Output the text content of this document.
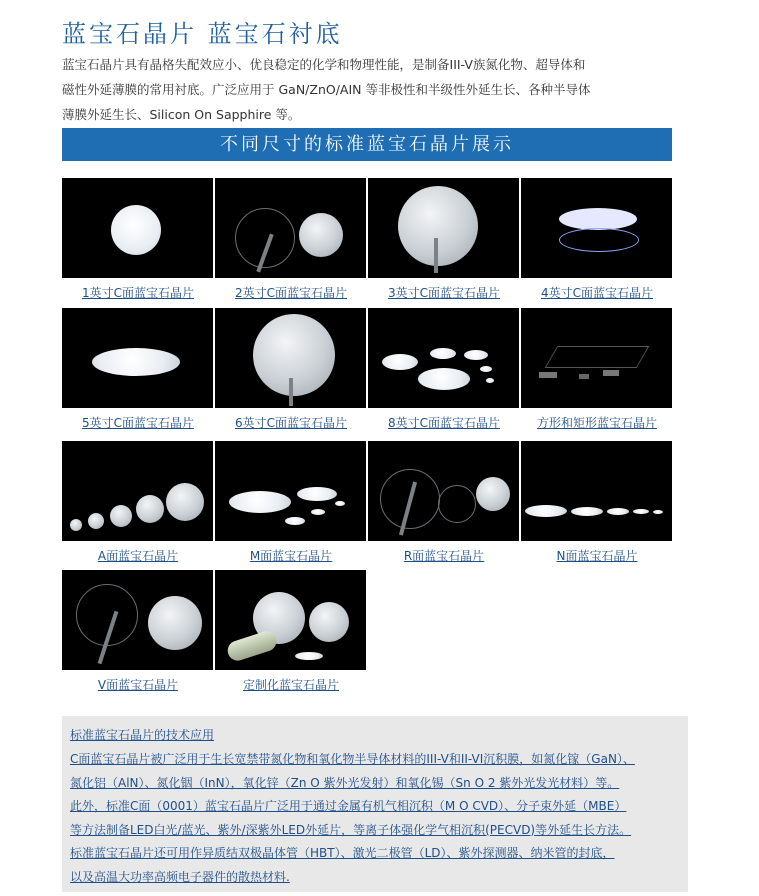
蓝宝石晶片 蓝宝石衬底
蓝宝石晶片具有晶格失配效应小、优良稳定的化学和物理性能，是制备III-V族氮化物、超导体和
磁性外延薄膜的常用衬底。广泛应用于 GaN/ZnO/AIN 等非极性和半级性外延生长、各种半导体
薄膜外延生长、Silicon On Sapphire 等。
不同尺寸的标准蓝宝石晶片展示
1英寸C面蓝宝石晶片	2英寸C面蓝宝石晶片	3英寸C面蓝宝石晶片	4英寸C面蓝宝石晶片
5英寸C面蓝宝石晶片	6英寸C面蓝宝石晶片	8英寸C面蓝宝石晶片	方形和矩形蓝宝石晶片
A面蓝宝石晶片	M面蓝宝石晶片	R面蓝宝石晶片	N面蓝宝石晶片
V面蓝宝石晶片	定制化蓝宝石晶片
标准蓝宝石晶片的技术应用
C面蓝宝石晶片被广泛用于生长宽禁带氮化物和氧化物半导体材料的III-V和II-VI沉积膜，如氮化镓（GaN）、
氮化铝（AlN）、氮化铟（InN），氧化锌（Zn O 紫外光发射）和氧化锡（Sn O 2 紫外光发光材料）等。
此外，标准C面（0001）蓝宝石晶片广泛用于通过金属有机气相沉积（M O CVD）、分子束外延（MBE）
等方法制备LED白光/蓝光、紫外/深紫外LED外延片，等离子体强化学气相沉积(PECVD)等外延生长方法。
标准蓝宝石晶片还可用作异质结双极晶体管（HBT）、激光二极管（LD）、紫外探测器、纳米管的封底，
以及高温大功率高频电子器件的散热材料.
